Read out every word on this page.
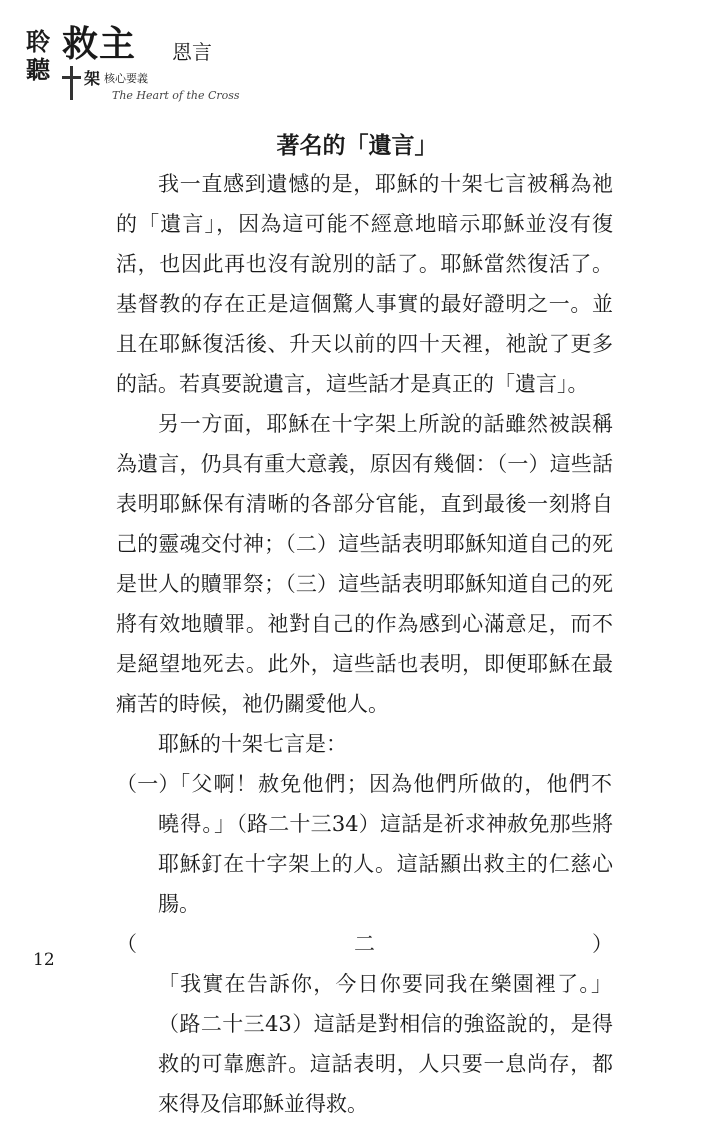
聆聽
救主 恩言
架 核心要義
The Heart of the Cross
著名的「遺言」

我一直感到遺憾的是，耶穌的十架七言被稱為祂的「遺言」，因為這可能不經意地暗示耶穌並沒有復活，也因此再也沒有說別的話了。耶穌當然復活了。基督教的存在正是這個驚人事實的最好證明之一。並且在耶穌復活後、升天以前的四十天裡，祂說了更多的話。若真要說遺言，這些話才是真正的「遺言」。

另一方面，耶穌在十字架上所說的話雖然被誤稱為遺言，仍具有重大意義，原因有幾個：（一）這些話表明耶穌保有清晰的各部分官能，直到最後一刻將自己的靈魂交付神；（二）這些話表明耶穌知道自己的死是世人的贖罪祭；（三）這些話表明耶穌知道自己的死將有效地贖罪。祂對自己的作為感到心滿意足，而不是絕望地死去。此外，這些話也表明，即便耶穌在最痛苦的時候，祂仍關愛他人。

耶穌的十架七言是：

（一）「父啊！赦免他們；因為他們所做的，他們不曉得。」（路二十三34）這話是祈求神赦免那些將耶穌釘在十字架上的人。這話顯出救主的仁慈心腸。

（二）「我實在告訴你，今日你要同我在樂園裡了。」（路二十三43）這話是對相信的強盜說的，是得救的可靠應許。這話表明，人只要一息尚存，都來得及信耶穌並得救。

12
